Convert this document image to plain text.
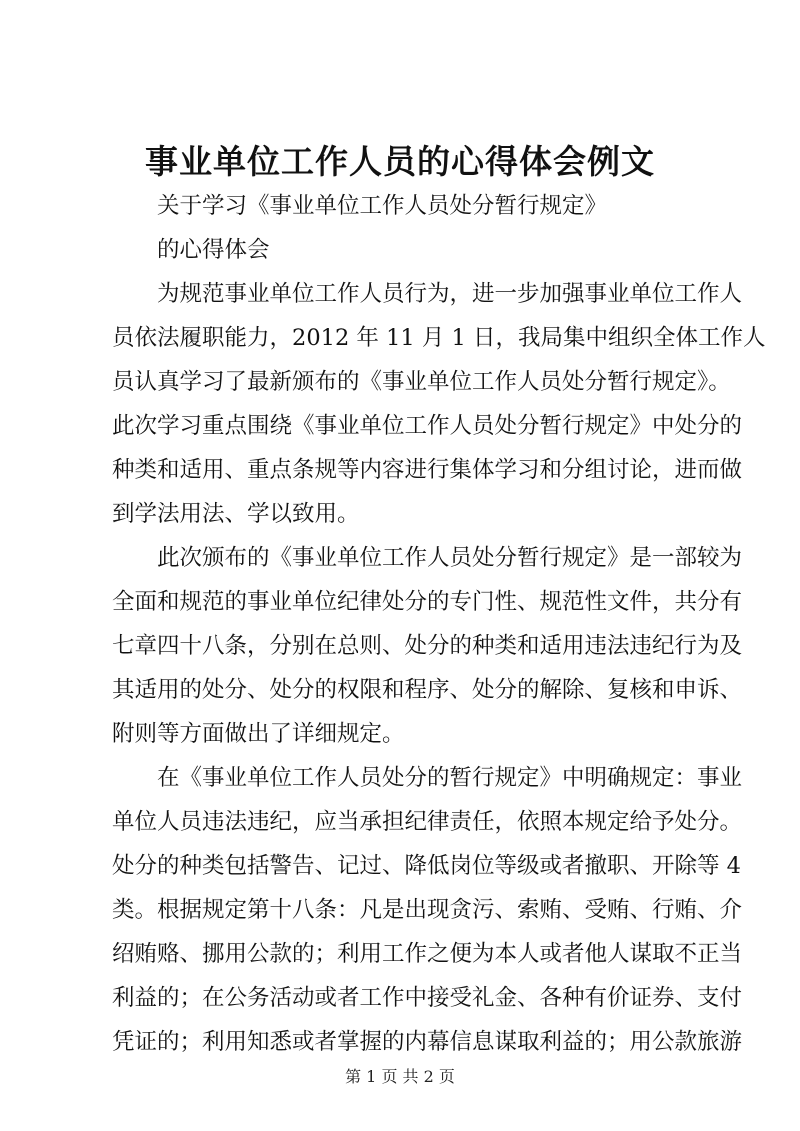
事业单位工作人员的心得体会例文

关于学习《事业单位工作人员处分暂行规定》
的心得体会

为规范事业单位工作人员行为，进一步加强事业单位工作人
员依法履职能力，2012 年 11 月 1 日，我局集中组织全体工作人
员认真学习了最新颁布的《事业单位工作人员处分暂行规定》。
此次学习重点围绕《事业单位工作人员处分暂行规定》中处分的
种类和适用、重点条规等内容进行集体学习和分组讨论，进而做
到学法用法、学以致用。

此次颁布的《事业单位工作人员处分暂行规定》是一部较为
全面和规范的事业单位纪律处分的专门性、规范性文件，共分有
七章四十八条，分别在总则、处分的种类和适用违法违纪行为及
其适用的处分、处分的权限和程序、处分的解除、复核和申诉、
附则等方面做出了详细规定。

在《事业单位工作人员处分的暂行规定》中明确规定：事业
单位人员违法违纪，应当承担纪律责任，依照本规定给予处分。
处分的种类包括警告、记过、降低岗位等级或者撤职、开除等 4
类。根据规定第十八条：凡是出现贪污、索贿、受贿、行贿、介
绍贿赂、挪用公款的；利用工作之便为本人或者他人谋取不正当
利益的；在公务活动或者工作中接受礼金、各种有价证券、支付
凭证的；利用知悉或者掌握的内幕信息谋取利益的；用公款旅游

第 1 页 共 2 页
